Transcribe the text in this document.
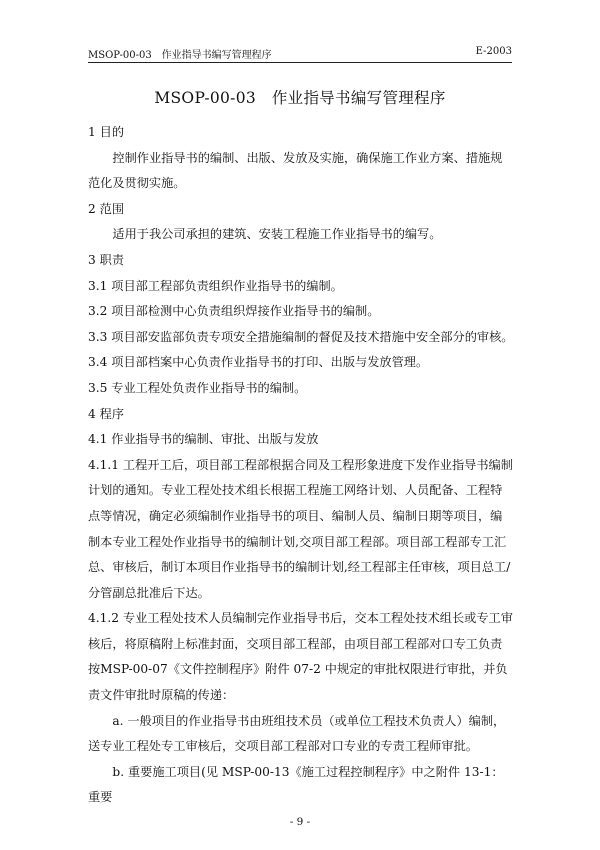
MSOP-00-03　作业指导书编写管理程序	E-2003
MSOP-00-03　作业指导书编写管理程序

1 目的

控制作业指导书的编制、出版、发放及实施，确保施工作业方案、措施规范化及贯彻实施。

2 范围

适用于我公司承担的建筑、安装工程施工作业指导书的编写。

3 职责

3.1 项目部工程部负责组织作业指导书的编制。

3.2 项目部检测中心负责组织焊接作业指导书的编制。

3.3 项目部安监部负责专项安全措施编制的督促及技术措施中安全部分的审核。

3.4 项目部档案中心负责作业指导书的打印、出版与发放管理。

3.5 专业工程处负责作业指导书的编制。

4 程序

4.1 作业指导书的编制、审批、出版与发放

4.1.1 工程开工后，项目部工程部根据合同及工程形象进度下发作业指导书编制计划的通知。专业工程处技术组长根据工程施工网络计划、人员配备、工程特点等情况，确定必须编制作业指导书的项目、编制人员、编制日期等项目，编制本专业工程处作业指导书的编制计划,交项目部工程部。项目部工程部专工汇总、审核后，制订本项目作业指导书的编制计划,经工程部主任审核，项目总工/分管副总批准后下达。

4.1.2 专业工程处技术人员编制完作业指导书后，交本工程处技术组长或专工审核后，将原稿附上标准封面，交项目部工程部，由项目部工程部对口专工负责按MSP-00-07《文件控制程序》附件 07-2 中规定的审批权限进行审批，并负责文件审批时原稿的传递：

a. 一般项目的作业指导书由班组技术员（或单位工程技术负责人）编制，送专业工程处专工审核后，交项目部工程部对口专业的专责工程师审批。

b. 重要施工项目(见 MSP-00-13《施工过程控制程序》中之附件 13-1：重要

- 9 -
